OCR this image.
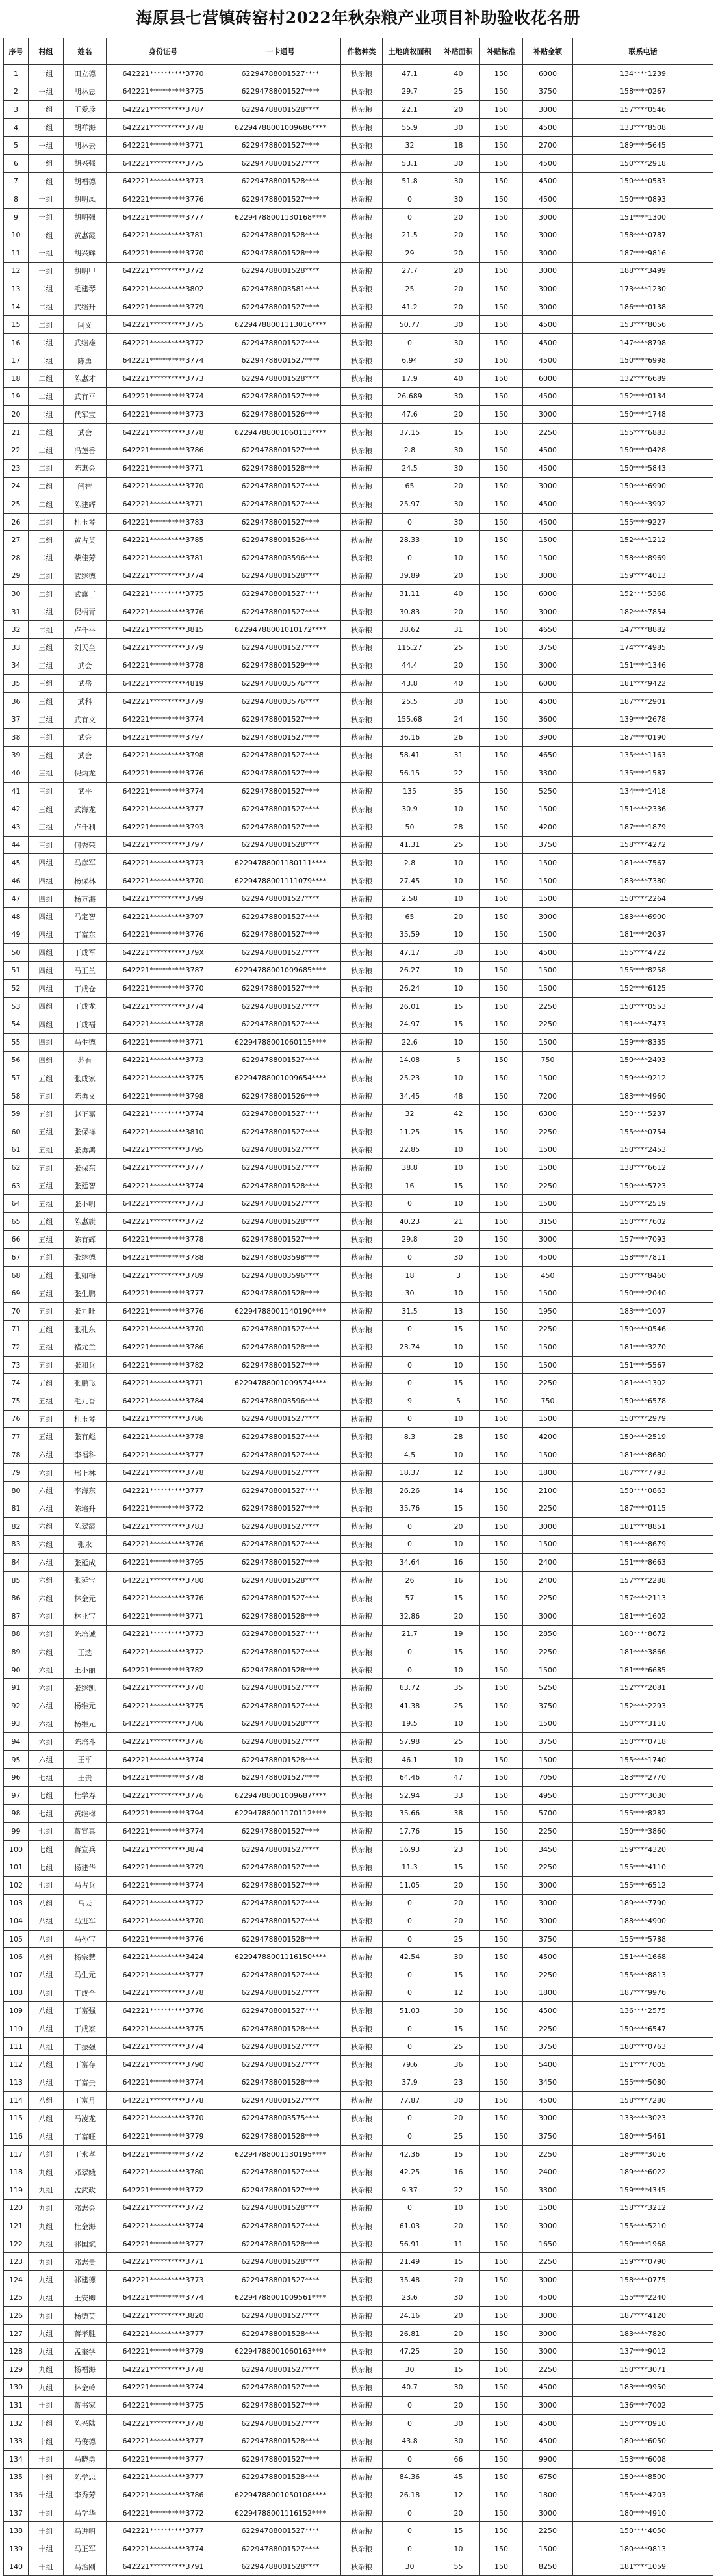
海原县七营镇砖窑村2022年秋杂粮产业项目补助验收花名册
序号	村组	姓名	身份证号	一卡通号	作物种类	土地确权面积	补贴面积	补贴标准	补贴金额	联系电话
1	一组	田立德	642221**********3770	62294788001527****	秋杂粮	47.1	40	150	6000	134****1239
2	一组	胡林忠	642221**********3775	62294788001527****	秋杂粮	29.7	25	150	3750	158****0267
3	一组	王爱珍	642221**********3787	62294788001528****	秋杂粮	22.1	20	150	3000	157****0546
4	一组	胡祥海	642221**********3778	62294788001009686****	秋杂粮	55.9	30	150	4500	133****8508
5	一组	胡林云	642221**********3771	62294788001527****	秋杂粮	32	18	150	2700	189****5645
6	一组	胡兴强	642221**********3775	62294788001527****	秋杂粮	53.1	30	150	4500	150****2918
7	一组	胡福德	642221**********3773	62294788001528****	秋杂粮	51.8	30	150	4500	150****0583
8	一组	胡明凤	642221**********3776	62294788001527****	秋杂粮	0	30	150	4500	150****0893
9	一组	胡明强	642221**********3777	62294788001130168****	秋杂粮	0	20	150	3000	151****1300
10	一组	黄惠霞	642221**********3781	62294788001528****	秋杂粮	21.5	20	150	3000	158****0787
11	一组	胡兴辉	642221**********3770	62294788001528****	秋杂粮	29	20	150	3000	187****9816
12	一组	胡明甲	642221**********3772	62294788001528****	秋杂粮	27.7	20	150	3000	188****3499
13	二组	毛建琴	642221**********3802	62294788003581****	秋杂粮	25	20	150	3000	173****1230
14	二组	武继升	642221**********3779	62294788001527****	秋杂粮	41.2	20	150	3000	186****0138
15	二组	闫义	642221**********3775	62294788001113016****	秋杂粮	50.77	30	150	4500	153****8056
16	二组	武继雄	642221**********3772	62294788001527****	秋杂粮	0	30	150	4500	147****8798
17	二组	陈勇	642221**********3774	62294788001527****	秋杂粮	6.94	30	150	4500	150****6998
18	二组	陈惠才	642221**********3773	62294788001528****	秋杂粮	17.9	40	150	6000	132****6689
19	二组	武有平	642221**********3774	62294788001527****	秋杂粮	26.689	30	150	4500	152****0134
20	二组	代军宝	642221**********3773	62294788001526****	秋杂粮	47.6	20	150	3000	150****1748
21	二组	武会	642221**********3778	62294788001060113****	秋杂粮	37.15	15	150	2250	155****6883
22	二组	冯莲香	642221**********3786	62294788001527****	秋杂粮	2.8	30	150	4500	150****0428
23	二组	陈惠会	642221**********3771	62294788001528****	秋杂粮	24.5	30	150	4500	150****5843
24	二组	闫智	642221**********3770	62294788001527****	秋杂粮	65	20	150	3000	150****6990
25	二组	陈建辉	642221**********3771	62294788001527****	秋杂粮	25.97	30	150	4500	150****3992
26	二组	杜玉琴	642221**********3783	62294788001527****	秋杂粮	0	30	150	4500	155****9227
27	二组	黄占英	642221**********3785	62294788001526****	秋杂粮	28.33	10	150	1500	152****1212
28	二组	柴佳芳	642221**********3781	62294788003596****	秋杂粮	0	10	150	1500	158****8969
29	二组	武继德	642221**********3774	62294788001528****	秋杂粮	39.89	20	150	3000	159****4013
30	二组	武旗丁	642221**********3775	62294788001527****	秋杂粮	31.11	40	150	6000	152****5368
31	二组	倪柄青	642221**********3776	62294788001527****	秋杂粮	30.83	20	150	3000	182****7854
32	二组	卢仟平	642221**********3815	62294788001010172****	秋杂粮	38.62	31	150	4650	147****8882
33	三组	刘天奎	642221**********3779	62294788001527****	秋杂粮	115.27	25	150	3750	174****4985
34	三组	武会	642221**********3778	62294788001529****	秋杂粮	44.4	20	150	3000	151****1346
35	三组	武岳	642221**********4819	62294788003576****	秋杂粮	43.8	40	150	6000	181****9422
36	三组	武科	642221**********3779	62294788003576****	秋杂粮	25.5	30	150	4500	187****2901
37	三组	武有文	642221**********3774	62294788001527****	秋杂粮	155.68	24	150	3600	139****2678
38	三组	武会	642221**********3797	62294788001527****	秋杂粮	36.16	26	150	3900	187****0190
39	三组	武会	642221**********3798	62294788001527****	秋杂粮	58.41	31	150	4650	135****1163
40	三组	倪炳龙	642221**********3776	62294788001527****	秋杂粮	56.15	22	150	3300	135****1587
41	三组	武平	642221**********3774	62294788001527****	秋杂粮	135	35	150	5250	134****1418
42	三组	武海龙	642221**********3777	62294788001527****	秋杂粮	30.9	10	150	1500	151****2336
43	三组	卢仟利	642221**********3793	62294788001527****	秋杂粮	50	28	150	4200	187****1879
44	三组	何秀荣	642221**********3797	62294788001528****	秋杂粮	41.31	25	150	3750	158****4272
45	四组	马彦军	642221**********3773	62294788001180111****	秋杂粮	2.8	10	150	1500	181****7567
46	四组	杨保林	642221**********3770	62294788001111079****	秋杂粮	27.45	10	150	1500	183****7380
47	四组	杨万海	642221**********3799	62294788001527****	秋杂粮	2.58	10	150	1500	150****2264
48	四组	马定智	642221**********3797	62294788001527****	秋杂粮	65	20	150	3000	183****6900
49	四组	丁富东	642221**********3776	62294788001527****	秋杂粮	35.59	10	150	1500	181****2037
50	四组	丁成军	642221**********379X	62294788001527****	秋杂粮	47.17	30	150	4500	155****4722
51	四组	马正兰	642221**********3787	62294788001009685****	秋杂粮	26.27	10	150	1500	155****8258
52	四组	丁成仓	642221**********3770	62294788001527****	秋杂粮	26.24	10	150	1500	152****6125
53	四组	丁成龙	642221**********3774	62294788001527****	秋杂粮	26.01	15	150	2250	150****0553
54	四组	丁成福	642221**********3778	62294788001527****	秋杂粮	24.97	15	150	2250	151****7473
55	四组	马生德	642221**********3771	62294788001060115****	秋杂粮	22.6	10	150	1500	159****8335
56	四组	苏有	642221**********3773	62294788001527****	秋杂粮	14.08	5	150	750	150****2493
57	五组	张成家	642221**********3775	62294788001009654****	秋杂粮	25.23	10	150	1500	159****9212
58	五组	陈勇义	642221**********3798	62294788001526****	秋杂粮	34.45	48	150	7200	183****4960
59	五组	赵正嘉	642221**********3774	62294788001527****	秋杂粮	32	42	150	6300	150****5237
60	五组	张保祥	642221**********3810	62294788001527****	秋杂粮	11.25	15	150	2250	155****0754
61	五组	张勇鸿	642221**********3795	62294788001527****	秋杂粮	22.85	10	150	1500	150****2453
62	五组	张保东	642221**********3777	62294788001527****	秋杂粮	38.8	10	150	1500	138****6612
63	五组	张廷智	642221**********3774	62294788001528****	秋杂粮	16	15	150	2250	150****5723
64	五组	张小明	642221**********3773	62294788001527****	秋杂粮	0	10	150	1500	150****2519
65	五组	陈惠旗	642221**********3772	62294788001528****	秋杂粮	40.23	21	150	3150	150****7602
66	五组	陈有辉	642221**********3778	62294788001527****	秋杂粮	29.8	20	150	3000	157****7093
67	五组	张继德	642221**********3788	62294788003598****	秋杂粮	0	30	150	4500	158****7811
68	五组	张如梅	642221**********3789	62294788003596****	秋杂粮	18	3	150	450	150****8460
69	五组	张生鹏	642221**********3777	62294788001528****	秋杂粮	30	10	150	1500	150****2040
70	五组	张九旺	642221**********3776	62294788001140190****	秋杂粮	31.5	13	150	1950	183****1007
71	五组	张孔东	642221**********3770	62294788001527****	秋杂粮	0	15	150	2250	150****0546
72	五组	褚尤兰	642221**********3786	62294788001528****	秋杂粮	23.74	10	150	1500	181****3270
73	五组	张和兵	642221**********3782	62294788001527****	秋杂粮	0	10	150	1500	151****5567
74	五组	张鹏飞	642221**********3771	62294788001009574****	秋杂粮	0	15	150	2250	181****1302
75	五组	毛九香	642221**********3784	62294788003596****	秋杂粮	9	5	150	750	150****6578
76	五组	杜玉琴	642221**********3786	62294788001527****	秋杂粮	0	10	150	1500	150****2979
77	五组	张有彪	642221**********3778	62294788001527****	秋杂粮	8.3	28	150	4200	150****2519
78	六组	李福科	642221**********3777	62294788001527****	秋杂粮	4.5	10	150	1500	181****8680
79	六组	邢正林	642221**********3778	62294788001527****	秋杂粮	18.37	12	150	1800	187****7793
80	六组	李海东	642221**********3777	62294788001527****	秋杂粮	26.26	14	150	2100	150****0863
81	六组	陈培升	642221**********3772	62294788001527****	秋杂粮	35.76	15	150	2250	187****0115
82	六组	陈翠霞	642221**********3783	62294788001527****	秋杂粮	0	20	150	3000	181****8851
83	六组	张永	642221**********3776	62294788001527****	秋杂粮	0	10	150	1500	151****8679
84	六组	张延成	642221**********3795	62294788001527****	秋杂粮	34.64	16	150	2400	151****8663
85	六组	张延宝	642221**********3780	62294788001528****	秋杂粮	26	16	150	2400	157****2288
86	六组	林金元	642221**********3776	62294788001527****	秋杂粮	57	15	150	2250	157****2113
87	六组	林亚宝	642221**********3771	62294788001528****	秋杂粮	32.86	20	150	3000	181****1602
88	六组	陈培诚	642221**********3773	62294788001527****	秋杂粮	21.7	19	150	2850	180****8672
89	六组	王选	642221**********3772	62294788001527****	秋杂粮	0	15	150	2250	181****3866
90	六组	王小丽	642221**********3782	62294788001528****	秋杂粮	0	10	150	1500	181****6685
91	六组	张继凯	642221**********3770	62294788001527****	秋杂粮	63.72	35	150	5250	152****2081
92	六组	杨维元	642221**********3775	62294788001527****	秋杂粮	41.38	25	150	3750	152****2293
93	六组	杨维元	642221**********3786	62294788001528****	秋杂粮	19.5	10	150	1500	150****3110
94	六组	陈培斗	642221**********3776	62294788001527****	秋杂粮	57.98	25	150	3750	150****0718
95	六组	王平	642221**********3774	62294788001528****	秋杂粮	46.1	10	150	1500	155****1740
96	七组	王贵	642221**********3778	62294788001527****	秋杂粮	64.46	47	150	7050	183****2770
97	七组	杜学寿	642221**********3776	62294788001009687****	秋杂粮	52.94	33	150	4950	150****3030
98	七组	黄继梅	642221**********3794	62294788001170112****	秋杂粮	35.66	38	150	5700	155****8282
99	七组	蒋宣真	642221**********3774	62294788001527****	秋杂粮	17.76	15	150	2250	150****3860
100	七组	蒋宣兵	642221**********3874	62294788001527****	秋杂粮	16.93	23	150	3450	159****4320
101	七组	杨建华	642221**********3779	62294788001527****	秋杂粮	11.3	15	150	2250	155****4110
102	七组	马占兵	642221**********3774	62294788001527****	秋杂粮	11.05	20	150	3000	155****6512
103	八组	马云	642221**********3772	62294788001527****	秋杂粮	0	20	150	3000	189****7790
104	八组	马进军	642221**********3770	62294788001527****	秋杂粮	0	20	150	3000	188****4900
105	八组	马孙宝	642221**********3776	62294788001528****	秋杂粮	0	25	150	3750	155****5788
106	八组	杨宗慧	642221**********3424	62294788001116150****	秋杂粮	42.54	30	150	4500	151****1668
107	八组	马生元	642221**********3777	62294788001527****	秋杂粮	0	15	150	2250	155****8813
108	八组	丁成全	642221**********3778	62294788001527****	秋杂粮	0	12	150	1800	187****9976
109	八组	丁富强	642221**********3776	62294788001527****	秋杂粮	51.03	30	150	4500	136****2575
110	八组	丁成家	642221**********3775	62294788001528****	秋杂粮	0	15	150	2250	150****6547
111	八组	丁振强	642221**********3774	62294788001527****	秋杂粮	0	25	150	3750	180****0763
112	八组	丁富存	642221**********3790	62294788001527****	秋杂粮	79.6	36	150	5400	151****7005
113	八组	丁富贵	642221**********3774	62294788001528****	秋杂粮	37.9	23	150	3450	155****5080
114	八组	丁富月	642221**********3778	62294788001527****	秋杂粮	77.87	30	150	4500	158****7280
115	八组	马凌龙	642221**********3770	62294788003575****	秋杂粮	0	20	150	3000	133****3023
116	八组	丁富旺	642221**********3779	62294788001528****	秋杂粮	0	25	150	3750	180****5461
117	八组	丁永孝	642221**********3772	62294788001130195****	秋杂粮	42.36	15	150	2250	189****3016
118	九组	邓翠娥	642221**********3780	62294788001527****	秋杂粮	42.25	16	150	2400	189****6022
119	九组	孟武政	642221**********3772	62294788001527****	秋杂粮	9.37	22	150	3300	159****4345
120	九组	邓志会	642221**********3772	62294788001528****	秋杂粮	0	10	150	1500	158****3212
121	九组	杜金海	642221**********3774	62294788001527****	秋杂粮	61.03	20	150	3000	155****5210
122	九组	祁国斌	642221**********3777	62294788001528****	秋杂粮	56.91	11	150	1650	150****1968
123	九组	邓志贵	642221**********3771	62294788001528****	秋杂粮	21.49	15	150	2250	159****0790
124	九组	祁建德	642221**********3773	62294788001527****	秋杂粮	35.48	20	150	3000	158****0775
125	九组	王安卿	642221**********3774	62294788001009561****	秋杂粮	23.6	30	150	4500	155****2240
126	九组	杨德英	642221**********3820	62294788001527****	秋杂粮	24.16	20	150	3000	187****4120
127	九组	蒋孝胜	642221**********3777	62294788001528****	秋杂粮	26.81	20	150	3000	183****7820
128	九组	孟奎学	642221**********3779	62294788001060163****	秋杂粮	47.25	20	150	3000	137****9012
129	九组	杨福海	642221**********3778	62294788001527****	秋杂粮	30	15	150	2250	150****3071
130	九组	林金岭	642221**********3774	62294788001527****	秋杂粮	40.7	30	150	4500	183****9950
131	十组	蒋书家	642221**********3775	62294788001527****	秋杂粮	0	20	150	3000	136****7002
132	十组	陈兴陆	642221**********3778	62294788001527****	秋杂粮	0	30	150	4500	150****0910
133	十组	马俊德	642221**********3777	62294788001528****	秋杂粮	43.8	30	150	4500	180****6050
134	十组	马晓勇	642221**********3777	62294788001527****	秋杂粮	0	66	150	9900	153****6008
135	十组	陈学忠	642221**********3777	62294788001528****	秋杂粮	84.36	45	150	6750	150****8500
136	十组	李秀芳	642221**********3786	62294788001050108****	秋杂粮	26.18	12	150	1800	155****4203
137	十组	马学华	642221**********3772	62294788001116152****	秋杂粮	0	20	150	3000	180****4910
138	十组	马进明	642221**********3777	62294788001527****	秋杂粮	0	15	150	2250	150****4050
139	十组	马正军	642221**********3774	62294788001527****	秋杂粮	0	10	150	1500	180****9813
140	十组	马治刚	642221**********3791	62294788001528****	秋杂粮	30	55	150	8250	181****1059
